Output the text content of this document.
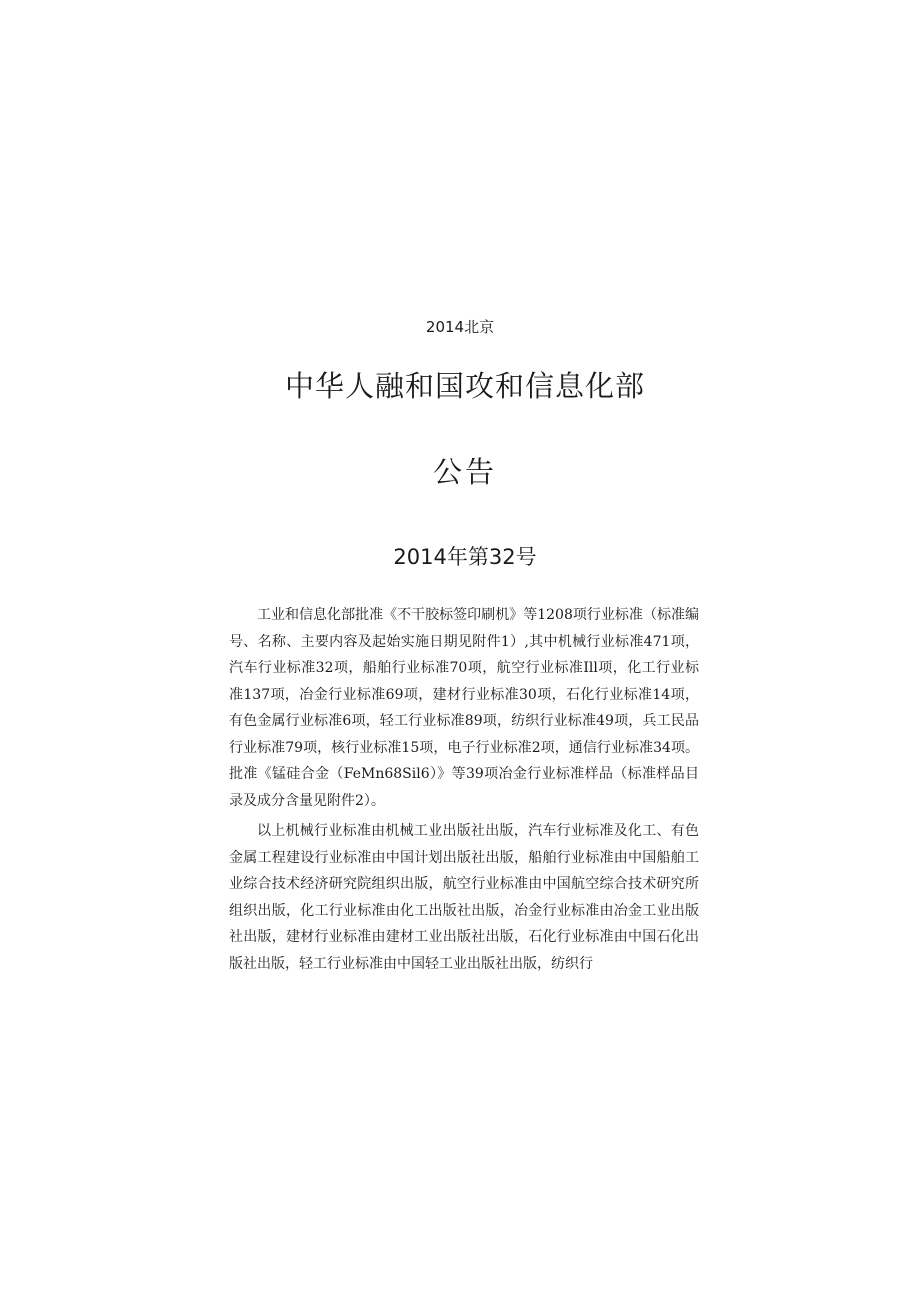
2014北京
中华人融和国攻和信息化部
公告
2014年第32号

工业和信息化部批准《不干胶标签印刷机》等1208项行业标准（标准编号、名称、主要内容及起始实施日期见附件1）,其中机械行业标准471项，汽车行业标准32项，船舶行业标准70项，航空行业标准Ill项，化工行业标准137项，冶金行业标准69项，建材行业标准30项，石化行业标准14项，有色金属行业标准6项，轻工行业标准89项，纺织行业标准49项，兵工民品行业标准79项，核行业标准15项，电子行业标准2项，通信行业标准34项。批准《锰硅合金（FeMn68Sil6）》等39项冶金行业标准样品（标准样品目录及成分含量见附件2）。

以上机械行业标准由机械工业出版社出版，汽车行业标准及化工、有色金属工程建设行业标准由中国计划出版社出版，船舶行业标准由中国船舶工业综合技术经济研究院组织出版，航空行业标准由中国航空综合技术研究所组织出版，化工行业标准由化工出版社出版，冶金行业标准由冶金工业出版社出版，建材行业标准由建材工业出版社出版，石化行业标准由中国石化出版社出版，轻工行业标准由中国轻工业出版社出版，纺织行
